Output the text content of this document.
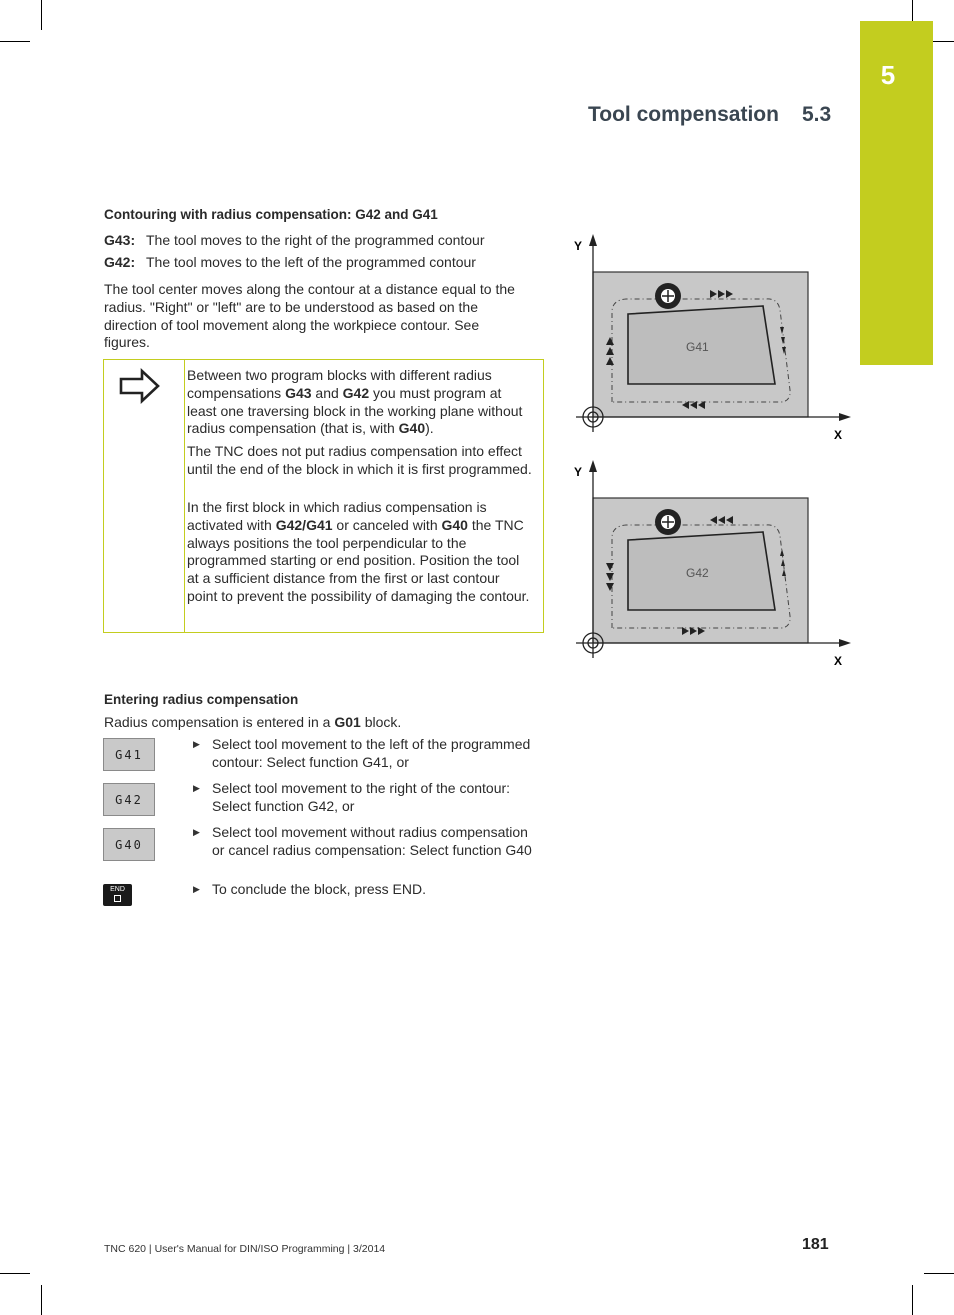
5
Tool compensation 5.3
Contouring with radius compensation: G42 and G41
G43: The tool moves to the right of the programmed contour
G42: The tool moves to the left of the programmed contour
The tool center moves along the contour at a distance equal to the radius. "Right" or "left" are to be understood as based on the direction of tool movement along the workpiece contour. See figures.
Between two program blocks with different radius compensations G43 and G42 you must program at least one traversing block in the working plane without radius compensation (that is, with G40).
The TNC does not put radius compensation into effect until the end of the block in which it is first programmed.
In the first block in which radius compensation is activated with G42/G41 or canceled with G40 the TNC always positions the tool perpendicular to the programmed starting or end position. Position the tool at a sufficient distance from the first or last contour point to prevent the possibility of damaging the contour.
Y
X
G41
Y
X
G42
Entering radius compensation
Radius compensation is entered in a G01 block.
G41
▶ Select tool movement to the left of the programmed contour: Select function G41, or
G42
▶ Select tool movement to the right of the contour: Select function G42, or
G40
▶ Select tool movement without radius compensation or cancel radius compensation: Select function G40
END	▶ To conclude the block, press END.
TNC 620 | User's Manual for DIN/ISO Programming | 3/2014	181
